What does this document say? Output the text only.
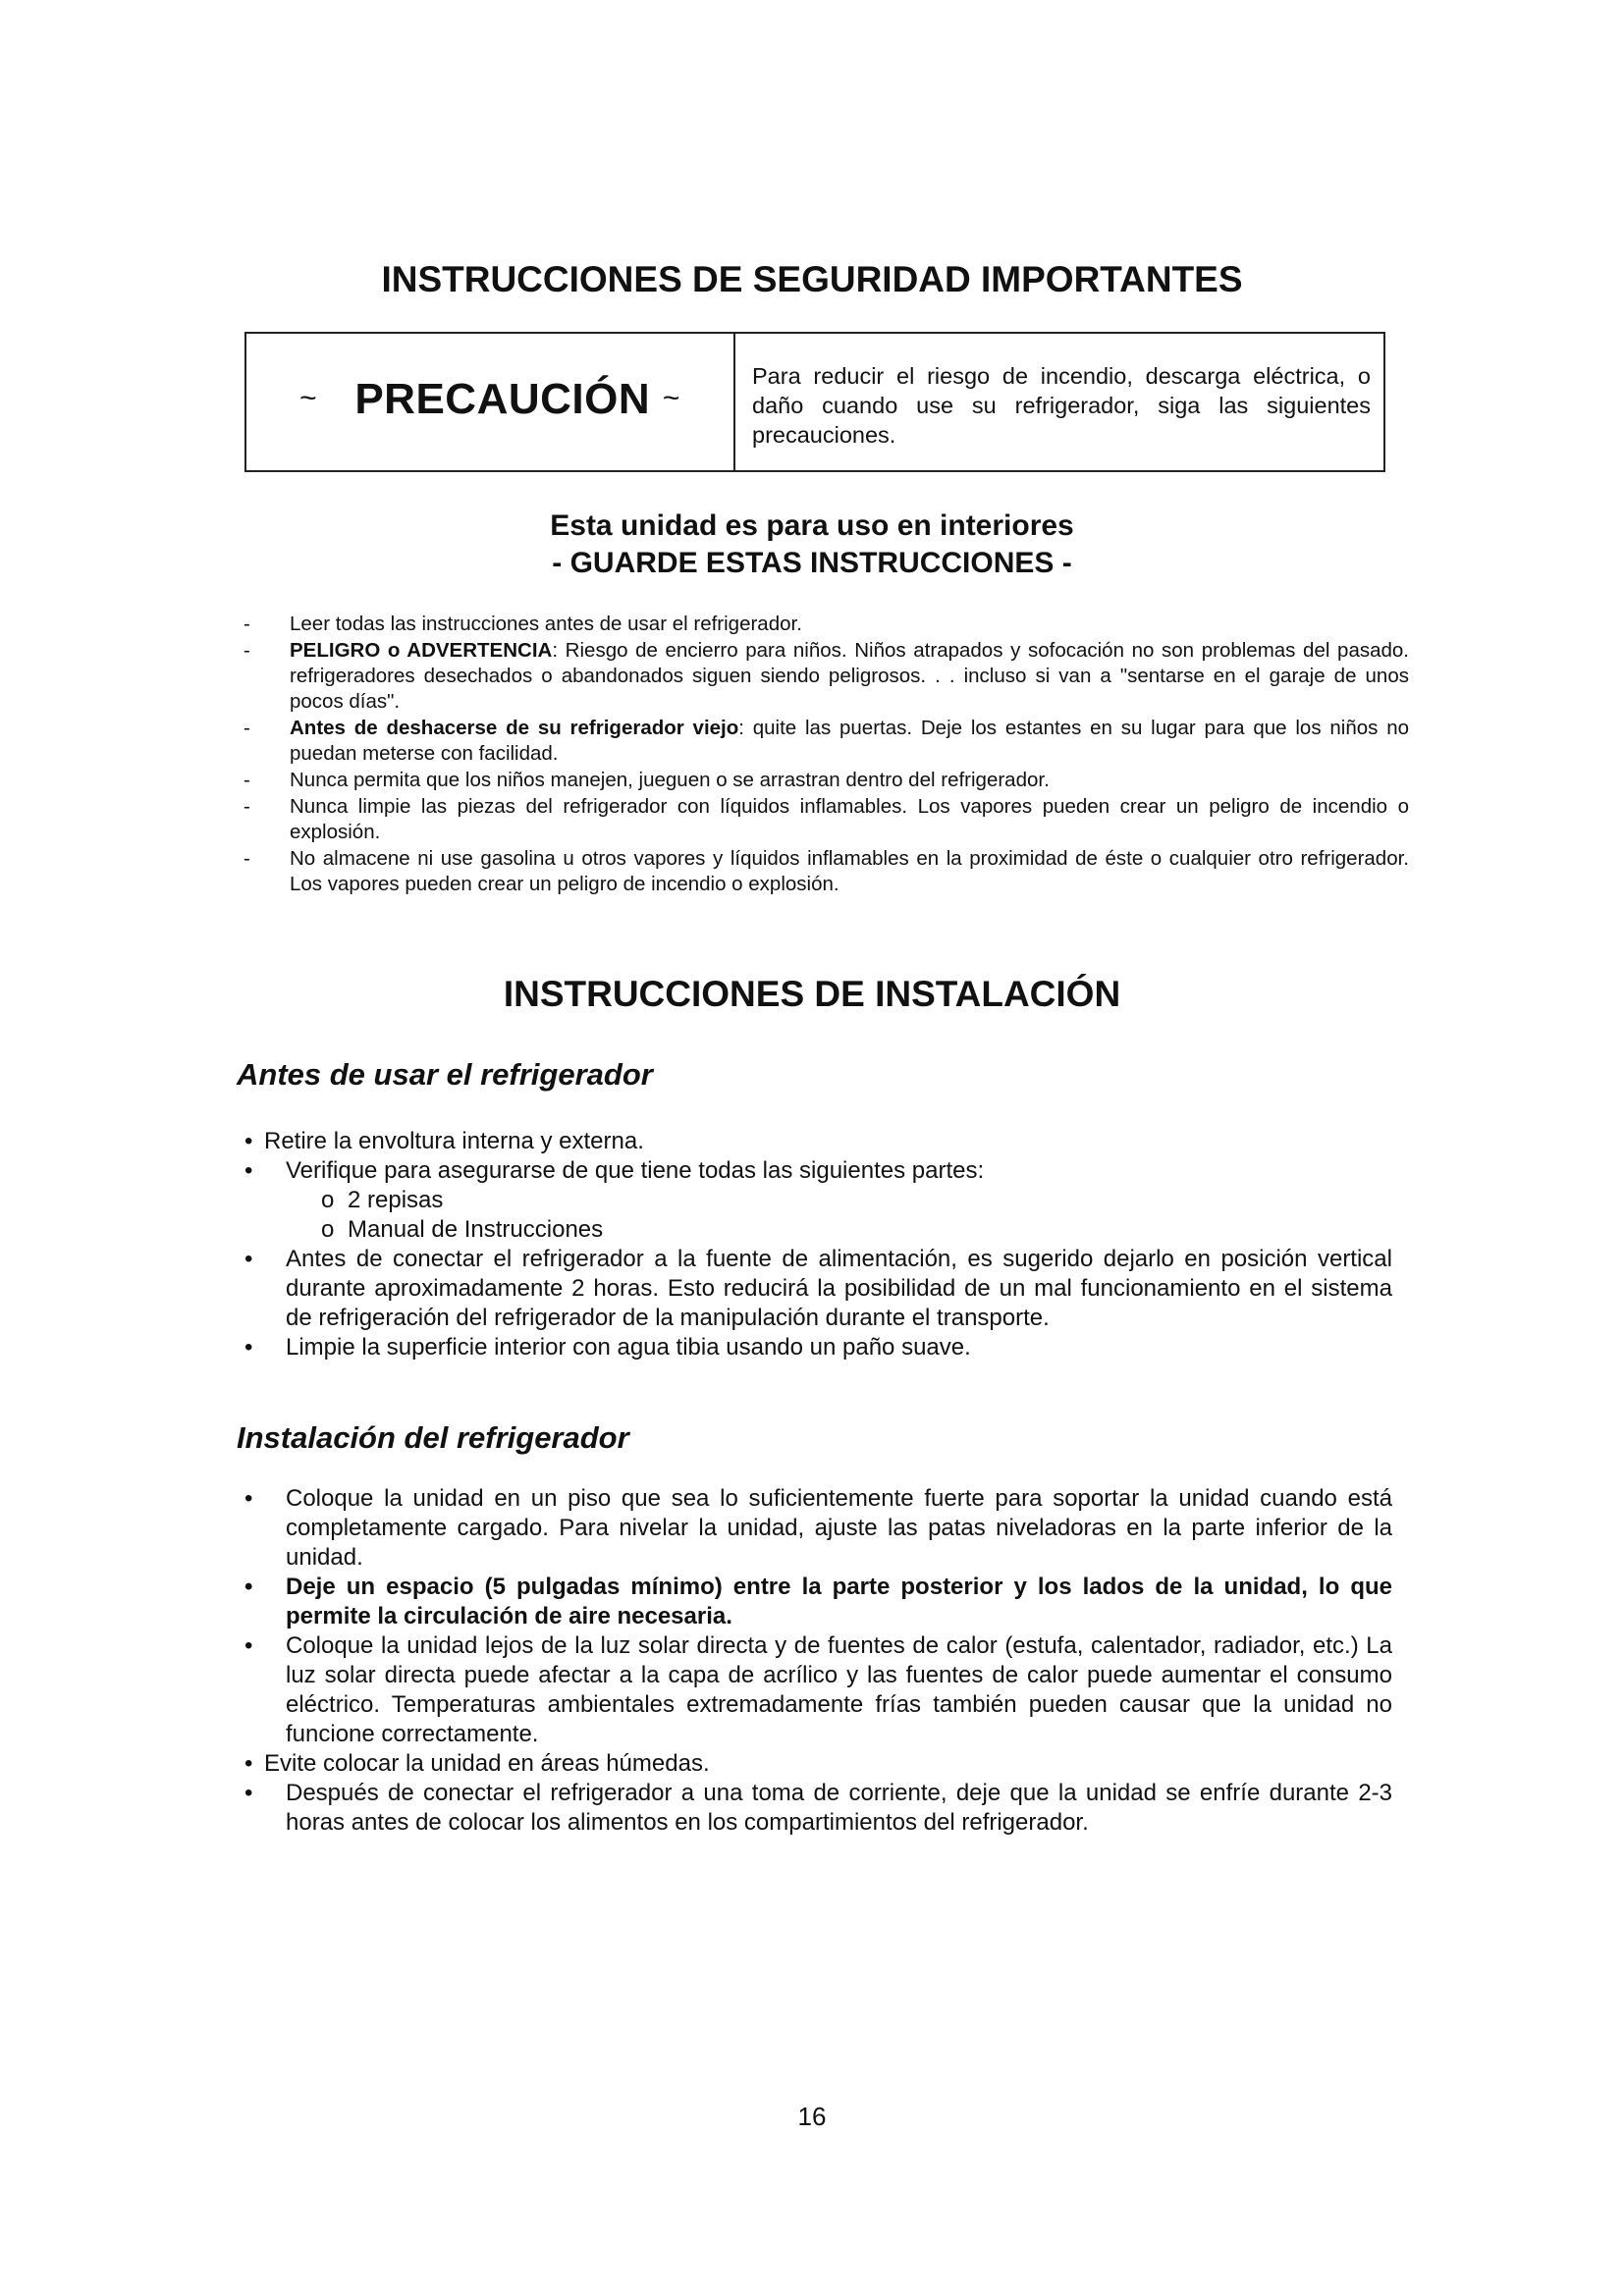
INSTRUCCIONES DE SEGURIDAD IMPORTANTES
~ PRECAUCIÓN ~
Para reducir el riesgo de incendio, descarga eléctrica, o daño cuando use su refrigerador, siga las siguientes precauciones.
Esta unidad es para uso en interiores
- GUARDE ESTAS INSTRUCCIONES -
- Leer todas las instrucciones antes de usar el refrigerador.
- PELIGRO o ADVERTENCIA: Riesgo de encierro para niños. Niños atrapados y sofocación no son problemas del pasado. refrigeradores desechados o abandonados siguen siendo peligrosos. . . incluso si van a "sentarse en el garaje de unos pocos días".
- Antes de deshacerse de su refrigerador viejo: quite las puertas. Deje los estantes en su lugar para que los niños no puedan meterse con facilidad.
- Nunca permita que los niños manejen, jueguen o se arrastran dentro del refrigerador.
- Nunca limpie las piezas del refrigerador con líquidos inflamables. Los vapores pueden crear un peligro de incendio o explosión.
- No almacene ni use gasolina u otros vapores y líquidos inflamables en la proximidad de éste o cualquier otro refrigerador. Los vapores pueden crear un peligro de incendio o explosión.
INSTRUCCIONES DE INSTALACIÓN
Antes de usar el refrigerador
• Retire la envoltura interna y externa.
• Verifique para asegurarse de que tiene todas las siguientes partes:
o 2 repisas
o Manual de Instrucciones
• Antes de conectar el refrigerador a la fuente de alimentación, es sugerido dejarlo en posición vertical durante aproximadamente 2 horas. Esto reducirá la posibilidad de un mal funcionamiento en el sistema de refrigeración del refrigerador de la manipulación durante el transporte.
• Limpie la superficie interior con agua tibia usando un paño suave.
Instalación del refrigerador
• Coloque la unidad en un piso que sea lo suficientemente fuerte para soportar la unidad cuando está completamente cargado. Para nivelar la unidad, ajuste las patas niveladoras en la parte inferior de la unidad.
• Deje un espacio (5 pulgadas mínimo) entre la parte posterior y los lados de la unidad, lo que permite la circulación de aire necesaria.
• Coloque la unidad lejos de la luz solar directa y de fuentes de calor (estufa, calentador, radiador, etc.) La luz solar directa puede afectar a la capa de acrílico y las fuentes de calor puede aumentar el consumo eléctrico. Temperaturas ambientales extremadamente frías también pueden causar que la unidad no funcione correctamente.
• Evite colocar la unidad en áreas húmedas.
• Después de conectar el refrigerador a una toma de corriente, deje que la unidad se enfríe durante 2-3 horas antes de colocar los alimentos en los compartimientos del refrigerador.
16
